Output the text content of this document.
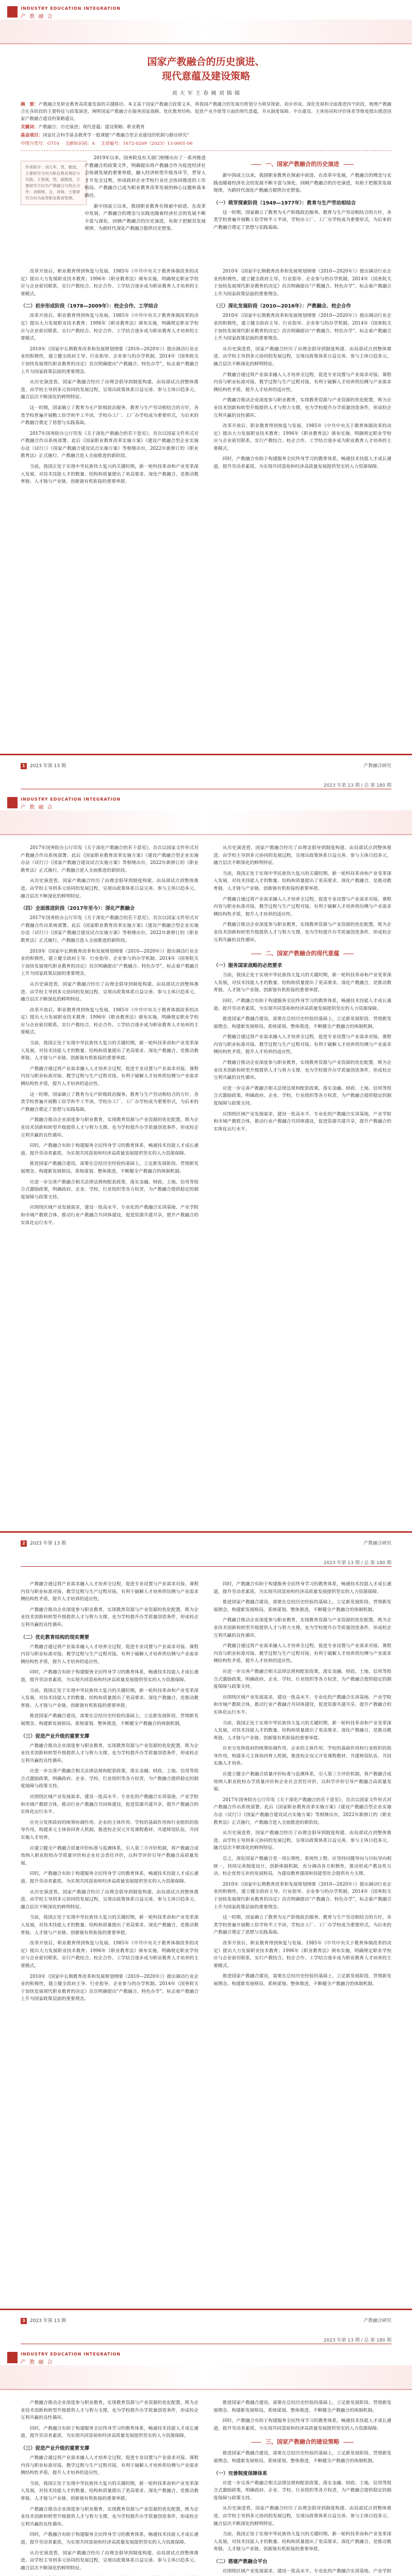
INDUSTRY EDUCATION INTEGRATION
产 教 融 合
国家产教融合的历史演进、
现代意蕴及建设策略
刘 大 军 王 春 城 刘 锦 锦

摘　要：产教融合是职业教育高质量发展的关键路径。本文基于国家产教融合政策文本，将我国产教融合的发展历程划分为萌芽探索、初步形成、深化发展和全面推进四个阶段，梳理产教融合在各阶段的主要特征与政策演进，阐明国家产教融合在服务国家战略、优化教育结构、促进产业升级等方面的现代意蕴，并从制度保障、平台建设、主体协同和评价体系等维度提出推进国家产教融合建设的策略建议。

关键词：产教融合；历史演进；现代意蕴；建设策略；职业教育

基金项目：国家社会科学基金教育学一般课题“产教融合型企业建设的机制与路径研究”

中图分类号：G710　 文献标识码：A　 文章编号：1672-0209（2023）13-0001-06

作者简介：刘大军，男，教授，主要研究方向为职业教育理论与实践；王春城，男，副教授，主要研究方向为产教融合与校企合作；刘锦锦，女，讲师，主要研究方向为高等职业教育管理。

2019年以来，国务院及有关部门相继出台了一系列推进产教融合的政策文件，明确提出将产教融合作为促进经济社会协调发展的重要举措，融入经济转型升级各环节，贯穿人才开发全过程，形成政府企业学校行业社会协同推进的工作格局。产教融合已成为职业教育改革发展的核心议题和基本路径。

新中国成立以来，我国职业教育在探索中前进、在改革中发展，产教融合的理念与实践也随着经济社会的发展不断丰富与深化。回顾产教融合的历史演进，有助于把握其发展规律，为新时代深化产教融合提供历史借鉴。

一、国家产教融合的历史演进

新中国成立以来，我国职业教育在探索中前进、在改革中发展，产教融合的理念与实践也随着经济社会的发展不断丰富与深化。回顾产教融合的历史演进，有助于把握其发展规律，为新时代深化产教融合提供历史借鉴。

（一）萌芽探索阶段（1949—1977年）：教育与生产劳动相结合

这一时期，国家确立了教育为无产阶级政治服务、教育与生产劳动相结合的方针，各类学校普遍开展勤工俭学和半工半读，学校办工厂、工厂办学校成为重要形式，为后来的产教融合奠定了思想与实践基础。

改革开放后，职业教育得到恢复与发展。1985年《中共中央关于教育体制改革的决定》提出大力发展职业技术教育；1996年《职业教育法》颁布实施，明确规定职业学校应与企业密切联系，实行产教结合。校企合作、工学结合逐步成为职业教育人才培养的主要模式。

（二）初步形成阶段（1978—2009年）：校企合作、工学结合

改革开放后，职业教育得到恢复与发展。1985年《中共中央关于教育体制改革的决定》提出大力发展职业技术教育；1996年《职业教育法》颁布实施，明确规定职业学校应与企业密切联系，实行产教结合。校企合作、工学结合逐步成为职业教育人才培养的主要模式。

2010年《国家中长期教育改革和发展规划纲要（2010—2020年）》提出调动行业企业的积极性，建立健全政府主导、行业指导、企业参与的办学机制。2014年《国务院关于加快发展现代职业教育的决定》首次明确提出“产教融合、特色办学”，标志着产教融合上升为国家政策层面的重要理念。

从历史演进看，国家产教融合经历了由理念倡导到制度构建、由局部试点到整体推进、由学校主导到多元协同的发展过程，呈现出政策体系日益完善、参与主体日趋多元、融合层次不断深化的鲜明特征。

这一时期，国家确立了教育为无产阶级政治服务、教育与生产劳动相结合的方针，各类学校普遍开展勤工俭学和半工半读，学校办工厂、工厂办学校成为重要形式，为后来的产教融合奠定了思想与实践基础。

2017年国务院办公厅印发《关于深化产教融合的若干意见》，首次以国家文件形式对产教融合作出系统部署。此后《国家职业教育改革实施方案》《建设产教融合型企业实施办法（试行）》《国家产教融合建设试点实施方案》等相继出台，2022年新修订的《职业教育法》正式施行，产教融合进入全面推进的新阶段。

当前，我国正处于实现中华民族伟大复兴的关键时期，新一轮科技革命和产业变革深入发展，对技术技能人才的数量、结构和质量提出了更高要求。深化产教融合，是推动教育链、人才链与产业链、创新链有机衔接的重要举措。

2010年《国家中长期教育改革和发展规划纲要（2010—2020年）》提出调动行业企业的积极性，建立健全政府主导、行业指导、企业参与的办学机制。2014年《国务院关于加快发展现代职业教育的决定》首次明确提出“产教融合、特色办学”，标志着产教融合上升为国家政策层面的重要理念。

（三）深化发展阶段（2010—2016年）：产教融合、校企合作

2010年《国家中长期教育改革和发展规划纲要（2010—2020年）》提出调动行业企业的积极性，建立健全政府主导、行业指导、企业参与的办学机制。2014年《国务院关于加快发展现代职业教育的决定》首次明确提出“产教融合、特色办学”，标志着产教融合上升为国家政策层面的重要理念。

从历史演进看，国家产教融合经历了由理念倡导到制度构建、由局部试点到整体推进、由学校主导到多元协同的发展过程，呈现出政策体系日益完善、参与主体日趋多元、融合层次不断深化的鲜明特征。

产教融合通过将产业需求融入人才培养全过程，促进专业设置与产业需求对接、课程内容与职业标准对接、教学过程与生产过程对接，有利于破解人才培养供给侧与产业需求侧结构性矛盾，提升人才培养的适应性。

产教融合推动企业深度参与职业教育，实现教育资源与产业资源的优化配置，既为企业技术创新和转型升级提供人才与智力支撑，也为学校提升办学质量创造条件，形成校企互利共赢的良性循环。

改革开放后，职业教育得到恢复与发展。1985年《中共中央关于教育体制改革的决定》提出大力发展职业技术教育；1996年《职业教育法》颁布实施，明确规定职业学校应与企业密切联系，实行产教结合。校企合作、工学结合逐步成为职业教育人才培养的主要模式。

同时，产教融合有助于构建服务全民终身学习的教育体系，畅通技术技能人才成长通道，提升劳动者素质，为实现共同富裕和经济高质量发展提供坚实的人力资源保障。

1 2023 年第 13 期	产教融合研究
2023 年第 13 期 / 总 第 180 期
INDUSTRY EDUCATION INTEGRATION
产 教 融 合

2017年国务院办公厅印发《关于深化产教融合的若干意见》，首次以国家文件形式对产教融合作出系统部署。此后《国家职业教育改革实施方案》《建设产教融合型企业实施办法（试行）》《国家产教融合建设试点实施方案》等相继出台，2022年新修订的《职业教育法》正式施行，产教融合进入全面推进的新阶段。

从历史演进看，国家产教融合经历了由理念倡导到制度构建、由局部试点到整体推进、由学校主导到多元协同的发展过程，呈现出政策体系日益完善、参与主体日趋多元、融合层次不断深化的鲜明特征。

（四）全面推进阶段（2017年至今）：深化产教融合

2017年国务院办公厅印发《关于深化产教融合的若干意见》，首次以国家文件形式对产教融合作出系统部署。此后《国家职业教育改革实施方案》《建设产教融合型企业实施办法（试行）》《国家产教融合建设试点实施方案》等相继出台，2022年新修订的《职业教育法》正式施行，产教融合进入全面推进的新阶段。

2010年《国家中长期教育改革和发展规划纲要（2010—2020年）》提出调动行业企业的积极性，建立健全政府主导、行业指导、企业参与的办学机制。2014年《国务院关于加快发展现代职业教育的决定》首次明确提出“产教融合、特色办学”，标志着产教融合上升为国家政策层面的重要理念。

从历史演进看，国家产教融合经历了由理念倡导到制度构建、由局部试点到整体推进、由学校主导到多元协同的发展过程，呈现出政策体系日益完善、参与主体日趋多元、融合层次不断深化的鲜明特征。

改革开放后，职业教育得到恢复与发展。1985年《中共中央关于教育体制改革的决定》提出大力发展职业技术教育；1996年《职业教育法》颁布实施，明确规定职业学校应与企业密切联系，实行产教结合。校企合作、工学结合逐步成为职业教育人才培养的主要模式。

当前，我国正处于实现中华民族伟大复兴的关键时期，新一轮科技革命和产业变革深入发展，对技术技能人才的数量、结构和质量提出了更高要求。深化产教融合，是推动教育链、人才链与产业链、创新链有机衔接的重要举措。

产教融合通过将产业需求融入人才培养全过程，促进专业设置与产业需求对接、课程内容与职业标准对接、教学过程与生产过程对接，有利于破解人才培养供给侧与产业需求侧结构性矛盾，提升人才培养的适应性。

这一时期，国家确立了教育为无产阶级政治服务、教育与生产劳动相结合的方针，各类学校普遍开展勤工俭学和半工半读，学校办工厂、工厂办学校成为重要形式，为后来的产教融合奠定了思想与实践基础。

产教融合推动企业深度参与职业教育，实现教育资源与产业资源的优化配置，既为企业技术创新和转型升级提供人才与智力支撑，也为学校提升办学质量创造条件，形成校企互利共赢的良性循环。

同时，产教融合有助于构建服务全民终身学习的教育体系，畅通技术技能人才成长通道，提升劳动者素质，为实现共同富裕和经济高质量发展提供坚实的人力资源保障。

推进国家产教融合建设，需要在总结历史经验的基础上，立足新发展阶段、贯彻新发展理念、构建新发展格局，系统谋划、整体推进，不断健全产教融合的体制机制。

应进一步完善产教融合相关法律法规和配套政策，落实金融、财政、土地、信用等组合式激励政策，明确政府、企业、学校、行业组织等各方权责，为产教融合提供稳定的制度保障与政策支持。

应围绕区域产业发展需求，建设一批高水平、专业化的产教融合实训基地、产业学院和市域产教联合体，推动行业产教融合共同体建设，促进资源共建共享，提升产教融合的实体化运行水平。

从历史演进看，国家产教融合经历了由理念倡导到制度构建、由局部试点到整体推进、由学校主导到多元协同的发展过程，呈现出政策体系日益完善、参与主体日趋多元、融合层次不断深化的鲜明特征。

当前，我国正处于实现中华民族伟大复兴的关键时期，新一轮科技革命和产业变革深入发展，对技术技能人才的数量、结构和质量提出了更高要求。深化产教融合，是推动教育链、人才链与产业链、创新链有机衔接的重要举措。

产教融合通过将产业需求融入人才培养全过程，促进专业设置与产业需求对接、课程内容与职业标准对接、教学过程与生产过程对接，有利于破解人才培养供给侧与产业需求侧结构性矛盾，提升人才培养的适应性。

产教融合推动企业深度参与职业教育，实现教育资源与产业资源的优化配置，既为企业技术创新和转型升级提供人才与智力支撑，也为学校提升办学质量创造条件，形成校企互利共赢的良性循环。

二、国家产教融合的现代意蕴
（一）服务国家战略的必然要求

当前，我国正处于实现中华民族伟大复兴的关键时期，新一轮科技革命和产业变革深入发展，对技术技能人才的数量、结构和质量提出了更高要求。深化产教融合，是推动教育链、人才链与产业链、创新链有机衔接的重要举措。

同时，产教融合有助于构建服务全民终身学习的教育体系，畅通技术技能人才成长通道，提升劳动者素质，为实现共同富裕和经济高质量发展提供坚实的人力资源保障。

推进国家产教融合建设，需要在总结历史经验的基础上，立足新发展阶段、贯彻新发展理念、构建新发展格局，系统谋划、整体推进，不断健全产教融合的体制机制。

产教融合通过将产业需求融入人才培养全过程，促进专业设置与产业需求对接、课程内容与职业标准对接、教学过程与生产过程对接，有利于破解人才培养供给侧与产业需求侧结构性矛盾，提升人才培养的适应性。

产教融合推动企业深度参与职业教育，实现教育资源与产业资源的优化配置，既为企业技术创新和转型升级提供人才与智力支撑，也为学校提升办学质量创造条件，形成校企互利共赢的良性循环。

应进一步完善产教融合相关法律法规和配套政策，落实金融、财政、土地、信用等组合式激励政策，明确政府、企业、学校、行业组织等各方权责，为产教融合提供稳定的制度保障与政策支持。

应围绕区域产业发展需求，建设一批高水平、专业化的产教融合实训基地、产业学院和市域产教联合体，推动行业产教融合共同体建设，促进资源共建共享，提升产教融合的实体化运行水平。

2 2023 年第 13 期	产教融合研究
2023 年第 13 期 / 总 第 180 期

产教融合通过将产业需求融入人才培养全过程，促进专业设置与产业需求对接、课程内容与职业标准对接、教学过程与生产过程对接，有利于破解人才培养供给侧与产业需求侧结构性矛盾，提升人才培养的适应性。

产教融合推动企业深度参与职业教育，实现教育资源与产业资源的优化配置，既为企业技术创新和转型升级提供人才与智力支撑，也为学校提升办学质量创造条件，形成校企互利共赢的良性循环。

（二）优化教育结构的现实需要

产教融合通过将产业需求融入人才培养全过程，促进专业设置与产业需求对接、课程内容与职业标准对接、教学过程与生产过程对接，有利于破解人才培养供给侧与产业需求侧结构性矛盾，提升人才培养的适应性。

同时，产教融合有助于构建服务全民终身学习的教育体系，畅通技术技能人才成长通道，提升劳动者素质，为实现共同富裕和经济高质量发展提供坚实的人力资源保障。

当前，我国正处于实现中华民族伟大复兴的关键时期，新一轮科技革命和产业变革深入发展，对技术技能人才的数量、结构和质量提出了更高要求。深化产教融合，是推动教育链、人才链与产业链、创新链有机衔接的重要举措。

推进国家产教融合建设，需要在总结历史经验的基础上，立足新发展阶段、贯彻新发展理念、构建新发展格局，系统谋划、整体推进，不断健全产教融合的体制机制。

（三）促进产业升级的重要支撑

产教融合推动企业深度参与职业教育，实现教育资源与产业资源的优化配置，既为企业技术创新和转型升级提供人才与智力支撑，也为学校提升办学质量创造条件，形成校企互利共赢的良性循环。

应进一步完善产教融合相关法律法规和配套政策，落实金融、财政、土地、信用等组合式激励政策，明确政府、企业、学校、行业组织等各方权责，为产教融合提供稳定的制度保障与政策支持。

应围绕区域产业发展需求，建设一批高水平、专业化的产教融合实训基地、产业学院和市域产教联合体，推动行业产教融合共同体建设，促进资源共建共享，提升产教融合的实体化运行水平。

应充分发挥政府的统筹协调作用、企业的主体作用、学校的基础作用和行业组织的指导作用，构建多元主体协同育人机制，推进校企双元开发课程教材、共建师资队伍、共同实施人才培养。

应建立健全产教融合质量评价标准与监测体系，引入第三方评价机制，将产教融合成效纳入职业院校办学质量评价和企业社会责任评价，以科学评价引导产教融合高质量发展。

同时，产教融合有助于构建服务全民终身学习的教育体系，畅通技术技能人才成长通道，提升劳动者素质，为实现共同富裕和经济高质量发展提供坚实的人力资源保障。

从历史演进看，国家产教融合经历了由理念倡导到制度构建、由局部试点到整体推进、由学校主导到多元协同的发展过程，呈现出政策体系日益完善、参与主体日趋多元、融合层次不断深化的鲜明特征。

当前，我国正处于实现中华民族伟大复兴的关键时期，新一轮科技革命和产业变革深入发展，对技术技能人才的数量、结构和质量提出了更高要求。深化产教融合，是推动教育链、人才链与产业链、创新链有机衔接的重要举措。

改革开放后，职业教育得到恢复与发展。1985年《中共中央关于教育体制改革的决定》提出大力发展职业技术教育；1996年《职业教育法》颁布实施，明确规定职业学校应与企业密切联系，实行产教结合。校企合作、工学结合逐步成为职业教育人才培养的主要模式。

2010年《国家中长期教育改革和发展规划纲要（2010—2020年）》提出调动行业企业的积极性，建立健全政府主导、行业指导、企业参与的办学机制。2014年《国务院关于加快发展现代职业教育的决定》首次明确提出“产教融合、特色办学”，标志着产教融合上升为国家政策层面的重要理念。

同时，产教融合有助于构建服务全民终身学习的教育体系，畅通技术技能人才成长通道，提升劳动者素质，为实现共同富裕和经济高质量发展提供坚实的人力资源保障。

推进国家产教融合建设，需要在总结历史经验的基础上，立足新发展阶段、贯彻新发展理念、构建新发展格局，系统谋划、整体推进，不断健全产教融合的体制机制。

产教融合推动企业深度参与职业教育，实现教育资源与产业资源的优化配置，既为企业技术创新和转型升级提供人才与智力支撑，也为学校提升办学质量创造条件，形成校企互利共赢的良性循环。

产教融合通过将产业需求融入人才培养全过程，促进专业设置与产业需求对接、课程内容与职业标准对接、教学过程与生产过程对接，有利于破解人才培养供给侧与产业需求侧结构性矛盾，提升人才培养的适应性。

应进一步完善产教融合相关法律法规和配套政策，落实金融、财政、土地、信用等组合式激励政策，明确政府、企业、学校、行业组织等各方权责，为产教融合提供稳定的制度保障与政策支持。

应围绕区域产业发展需求，建设一批高水平、专业化的产教融合实训基地、产业学院和市域产教联合体，推动行业产教融合共同体建设，促进资源共建共享，提升产教融合的实体化运行水平。

当前，我国正处于实现中华民族伟大复兴的关键时期，新一轮科技革命和产业变革深入发展，对技术技能人才的数量、结构和质量提出了更高要求。深化产教融合，是推动教育链、人才链与产业链、创新链有机衔接的重要举措。

应充分发挥政府的统筹协调作用、企业的主体作用、学校的基础作用和行业组织的指导作用，构建多元主体协同育人机制，推进校企双元开发课程教材、共建师资队伍、共同实施人才培养。

应建立健全产教融合质量评价标准与监测体系，引入第三方评价机制，将产教融合成效纳入职业院校办学质量评价和企业社会责任评价，以科学评价引导产教融合高质量发展。

2017年国务院办公厅印发《关于深化产教融合的若干意见》，首次以国家文件形式对产教融合作出系统部署。此后《国家职业教育改革实施方案》《建设产教融合型企业实施办法（试行）》《国家产教融合建设试点实施方案》等相继出台，2022年新修订的《职业教育法》正式施行，产教融合进入全面推进的新阶段。

从历史演进看，国家产教融合经历了由理念倡导到制度构建、由局部试点到整体推进、由学校主导到多元协同的发展过程，呈现出政策体系日益完善、参与主体日趋多元、融合层次不断深化的鲜明特征。

总之，深化国家产教融合是一项长期性、系统性工程。应坚持问题导向与目标导向相统一，持续完善制度设计，创新体制机制，充分调动各方积极性，推动形成产教良性互动、校企优势互补的发展格局，为建设教育强国和技能型社会提供有力支撑。

2010年《国家中长期教育改革和发展规划纲要（2010—2020年）》提出调动行业企业的积极性，建立健全政府主导、行业指导、企业参与的办学机制。2014年《国务院关于加快发展现代职业教育的决定》首次明确提出“产教融合、特色办学”，标志着产教融合上升为国家政策层面的重要理念。

这一时期，国家确立了教育为无产阶级政治服务、教育与生产劳动相结合的方针，各类学校普遍开展勤工俭学和半工半读，学校办工厂、工厂办学校成为重要形式，为后来的产教融合奠定了思想与实践基础。

改革开放后，职业教育得到恢复与发展。1985年《中共中央关于教育体制改革的决定》提出大力发展职业技术教育；1996年《职业教育法》颁布实施，明确规定职业学校应与企业密切联系，实行产教结合。校企合作、工学结合逐步成为职业教育人才培养的主要模式。

推进国家产教融合建设，需要在总结历史经验的基础上，立足新发展阶段、贯彻新发展理念、构建新发展格局，系统谋划、整体推进，不断健全产教融合的体制机制。

3 2023 年第 13 期	产教融合研究
2023 年第 13 期 / 总 第 180 期
INDUSTRY EDUCATION INTEGRATION
产 教 融 合

产教融合推动企业深度参与职业教育，实现教育资源与产业资源的优化配置，既为企业技术创新和转型升级提供人才与智力支撑，也为学校提升办学质量创造条件，形成校企互利共赢的良性循环。

同时，产教融合有助于构建服务全民终身学习的教育体系，畅通技术技能人才成长通道，提升劳动者素质，为实现共同富裕和经济高质量发展提供坚实的人力资源保障。

（三）促进产业升级的重要支撑

产教融合通过将产业需求融入人才培养全过程，促进专业设置与产业需求对接、课程内容与职业标准对接、教学过程与生产过程对接，有利于破解人才培养供给侧与产业需求侧结构性矛盾，提升人才培养的适应性。

当前，我国正处于实现中华民族伟大复兴的关键时期，新一轮科技革命和产业变革深入发展，对技术技能人才的数量、结构和质量提出了更高要求。深化产教融合，是推动教育链、人才链与产业链、创新链有机衔接的重要举措。

产教融合推动企业深度参与职业教育，实现教育资源与产业资源的优化配置，既为企业技术创新和转型升级提供人才与智力支撑，也为学校提升办学质量创造条件，形成校企互利共赢的良性循环。

同时，产教融合有助于构建服务全民终身学习的教育体系，畅通技术技能人才成长通道，提升劳动者素质，为实现共同富裕和经济高质量发展提供坚实的人力资源保障。

从历史演进看，国家产教融合经历了由理念倡导到制度构建、由局部试点到整体推进、由学校主导到多元协同的发展过程，呈现出政策体系日益完善、参与主体日趋多元、融合层次不断深化的鲜明特征。

推进国家产教融合建设，需要在总结历史经验的基础上，立足新发展阶段、贯彻新发展理念、构建新发展格局，系统谋划、整体推进，不断健全产教融合的体制机制。

同时，产教融合有助于构建服务全民终身学习的教育体系，畅通技术技能人才成长通道，提升劳动者素质，为实现共同富裕和经济高质量发展提供坚实的人力资源保障。

三、国家产教融合的建设策略

推进国家产教融合建设，需要在总结历史经验的基础上，立足新发展阶段、贯彻新发展理念、构建新发展格局，系统谋划、整体推进，不断健全产教融合的体制机制。

（一）完善制度保障体系

应进一步完善产教融合相关法律法规和配套政策，落实金融、财政、土地、信用等组合式激励政策，明确政府、企业、学校、行业组织等各方权责，为产教融合提供稳定的制度保障与政策支持。

从历史演进看，国家产教融合经历了由理念倡导到制度构建、由局部试点到整体推进、由学校主导到多元协同的发展过程，呈现出政策体系日益完善、参与主体日趋多元、融合层次不断深化的鲜明特征。

当前，我国正处于实现中华民族伟大复兴的关键时期，新一轮科技革命和产业变革深入发展，对技术技能人才的数量、结构和质量提出了更高要求。深化产教融合，是推动教育链、人才链与产业链、创新链有机衔接的重要举措。

（二）搭建产教融合平台

应围绕区域产业发展需求，建设一批高水平、专业化的产教融合实训基地、产业学院
